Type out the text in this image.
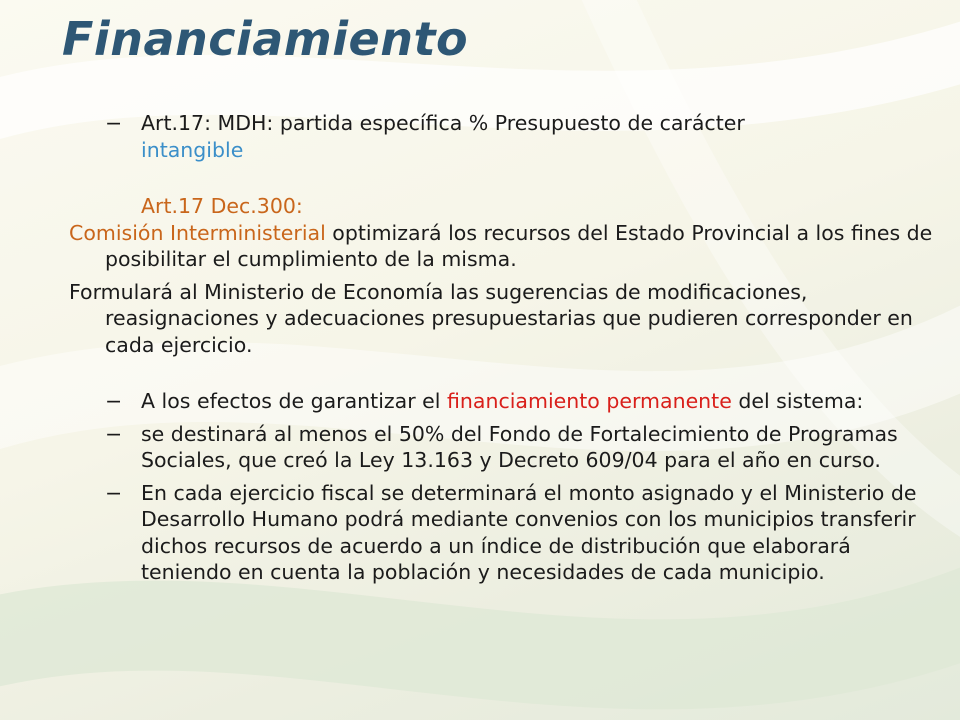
Financiamiento

− Art.17: MDH: partida específica % Presupuesto de carácter
intangible

Art.17 Dec.300:

Comisión Interministerial optimizará los recursos del Estado Provincial a los fines de posibilitar el cumplimiento de la misma.

Formulará al Ministerio de Economía las sugerencias de modificaciones, reasignaciones y adecuaciones presupuestarias que pudieren corresponder en cada ejercicio.

− A los efectos de garantizar el financiamiento permanente del sistema:

− se destinará al menos el 50% del Fondo de Fortalecimiento de Programas Sociales, que creó la Ley 13.163 y Decreto 609/04 para el año en curso.

− En cada ejercicio fiscal se determinará el monto asignado y el Ministerio de Desarrollo Humano podrá mediante convenios con los municipios transferir dichos recursos de acuerdo a un índice de distribución que elaborará teniendo en cuenta la población y necesidades de cada municipio.
